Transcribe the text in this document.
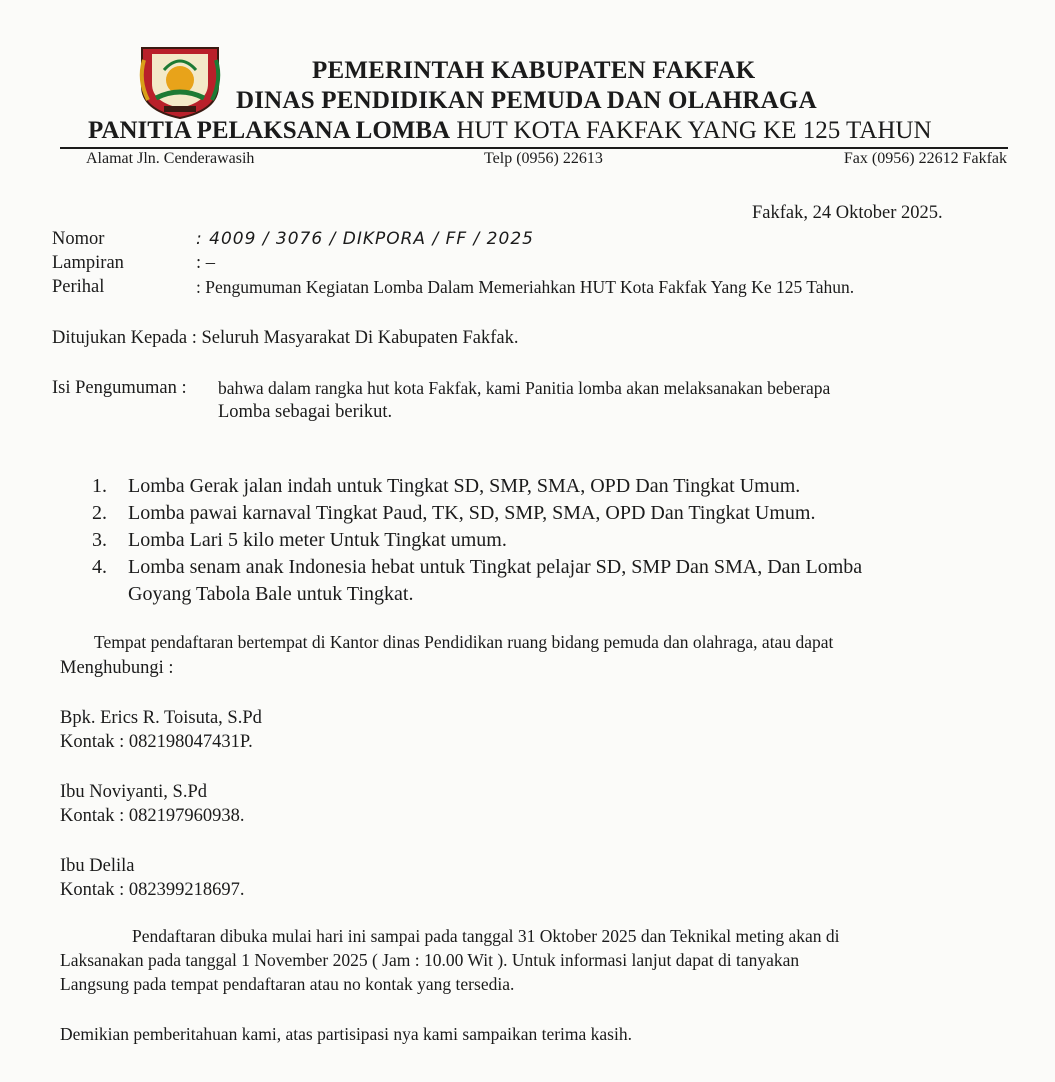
PEMERINTAH KABUPATEN FAKFAK
DINAS PENDIDIKAN PEMUDA DAN OLAHRAGA
PANITIA PELAKSANA LOMBA HUT KOTA FAKFAK YANG KE 125 TAHUN
Alamat Jln. Cenderawasih	Telp (0956) 22613	Fax (0956) 22612 Fakfak
Fakfak, 24 Oktober 2025.
Nomor	: 4009 / 3076 / DIKPORA / FF / 2025
Lampiran	: –
Perihal	: Pengumuman Kegiatan Lomba Dalam Memeriahkan HUT Kota Fakfak Yang Ke 125 Tahun.
Ditujukan Kepada : Seluruh Masyarakat Di Kabupaten Fakfak.
Isi Pengumuman : bahwa dalam rangka hut kota Fakfak, kami Panitia lomba akan melaksanakan beberapa
Lomba sebagai berikut.
1. Lomba Gerak jalan indah untuk Tingkat SD, SMP, SMA, OPD Dan Tingkat Umum.
2. Lomba pawai karnaval Tingkat Paud, TK, SD, SMP, SMA, OPD Dan Tingkat Umum.
3. Lomba Lari 5 kilo meter Untuk Tingkat umum.
4. Lomba senam anak Indonesia hebat untuk Tingkat pelajar SD, SMP Dan SMA, Dan Lomba
Goyang Tabola Bale untuk Tingkat.
Tempat pendaftaran bertempat di Kantor dinas Pendidikan ruang bidang pemuda dan olahraga, atau dapat
Menghubungi :
Bpk. Erics R. Toisuta, S.Pd
Kontak : 082198047431P.
Ibu Noviyanti, S.Pd
Kontak : 082197960938.
Ibu Delila
Kontak : 082399218697.
Pendaftaran dibuka mulai hari ini sampai pada tanggal 31 Oktober 2025 dan Teknikal meting akan di
Laksanakan pada tanggal 1 November 2025 ( Jam : 10.00 Wit ). Untuk informasi lanjut dapat di tanyakan
Langsung pada tempat pendaftaran atau no kontak yang tersedia.
Demikian pemberitahuan kami, atas partisipasi nya kami sampaikan terima kasih.
